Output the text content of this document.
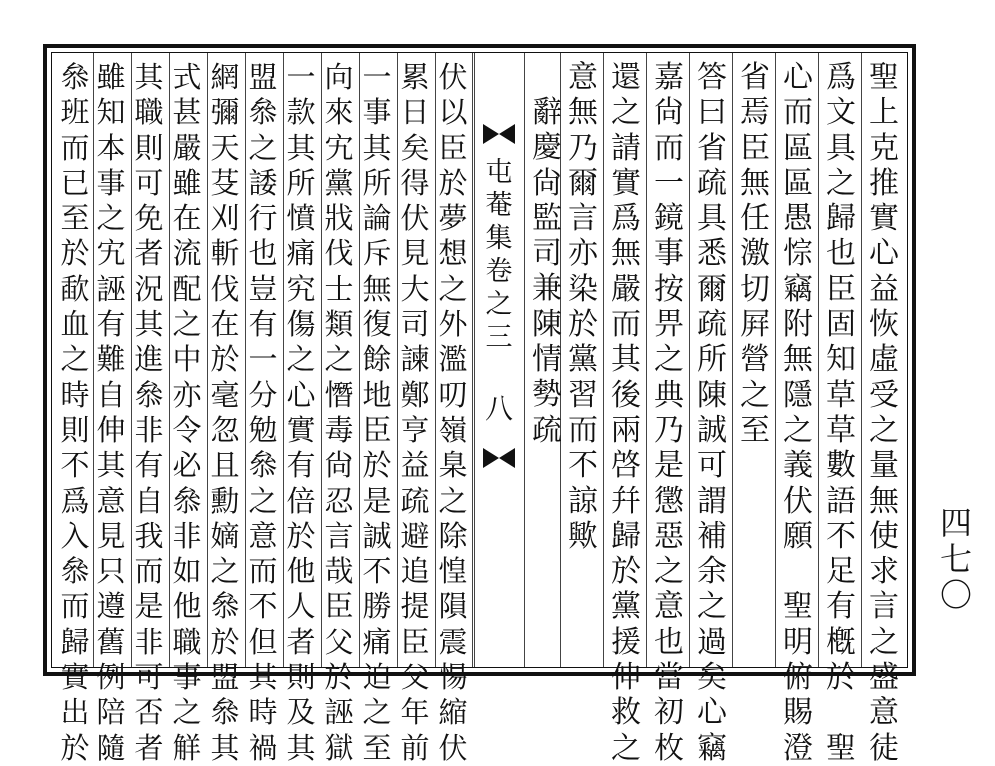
聖
上
克
推
實
心
益
恢
虛
受
之
量
無
使
求
言
之
盛
意
徒
爲
文
具
之
歸
也
臣
固
知
草
草
數
語
不
足
有
槪
於

聖
心
而
區
區
愚
悰
竊
附
無
隱
之
義
伏
願

聖
明
俯
賜
澄
省
焉
臣
無
任
激
切
屛
營
之
至
答
曰
省
疏
具
悉
爾
疏
所
陳
誠
可
謂
補
余
之
過
矣
心
竊
嘉
尙
而
一
鏡
事
按
畀
之
典
乃
是
懲
惡
之
意
也
當
初
枚
還
之
請
實
爲
無
嚴
而
其
後
兩
啓
幷
歸
於
黨
援
伸
救
之
意
無
乃
爾
言
亦
染
於
黨
習
而
不
諒
歟
辭
慶
尙
監
司
兼
陳
情
勢
疏
伏
以
臣
於
夢
想
之
外
濫
叨
嶺
臬
之
除
惶
隕
震
惕
縮
伏
累
日
矣
得
伏
見
大
司
諫
鄭
亨
益
疏
避
追
提
臣
父
年
前
一
事
其
所
論
斥
無
復
餘
地
臣
於
是
誠
不
勝
痛
迫
之
至
向
來
宄
黨
戕
伐
士
類
之
憯
毒
尙
忍
言
哉
臣
父
於
誣
獄
一
款
其
所
憤
痛
究
傷
之
心
實
有
倍
於
他
人
者
則
及
其
盟
叅
之
諉
行
也
豈
有
一
分
勉
叅
之
意
而
不
但
其
時
禍
網
彌
天
芟
刈
斬
伐
在
於
毫
忽
且
勳
嫡
之
叅
於
盟
叅
其
式
甚
嚴
雖
在
流
配
之
中
亦
令
必
叅
非
如
他
職
事
之
觧
其
職
則
可
免
者
況
其
進
叅
非
有
自
我
而
是
非
可
否
者
雖
知
本
事
之
宄
誣
有
難
自
伸
其
意
見
只
遵
舊
例
陪
隨
叅
班
而
已
至
於
歃
血
之
時
則
不
爲
入
叅
而
歸
實
出
於
屯
菴
集
卷
之
三
八
四
七
〇
